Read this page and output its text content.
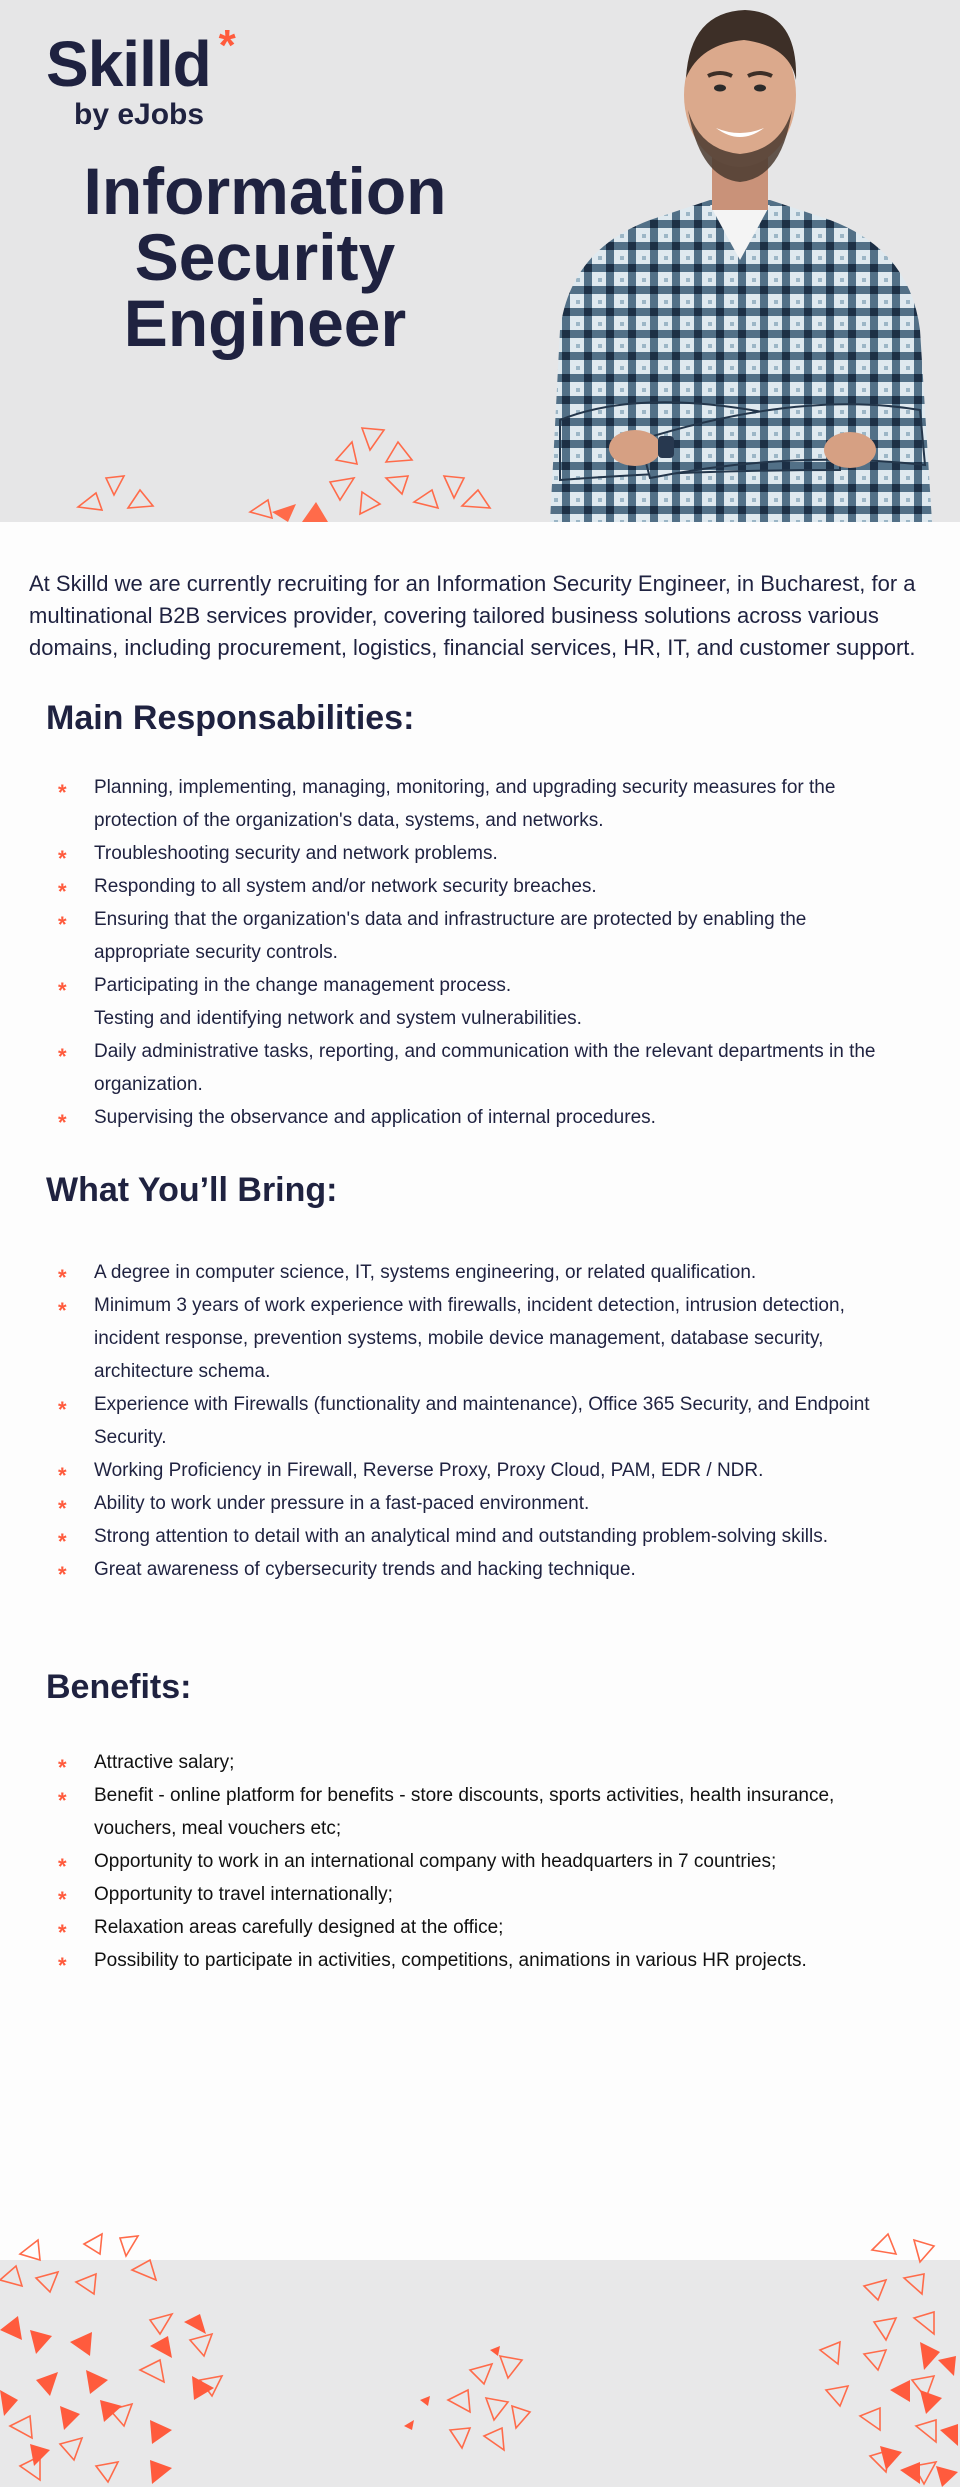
Skilld *
by eJobs
Information
Security
Engineer

At Skilld we are currently recruiting for an Information Security Engineer, in Bucharest, for a multinational B2B services provider, covering tailored business solutions across various domains, including procurement, logistics, financial services, HR, IT, and customer support.

Main Responsabilities:
* Planning, implementing, managing, monitoring, and upgrading security measures for the protection of the organization's data, systems, and networks.
* Troubleshooting security and network problems.
* Responding to all system and/or network security breaches.
* Ensuring that the organization's data and infrastructure are protected by enabling the appropriate security controls.
* Participating in the change management process.
Testing and identifying network and system vulnerabilities.
* Daily administrative tasks, reporting, and communication with the relevant departments in the organization.
* Supervising the observance and application of internal procedures.
What You’ll Bring:
* A degree in computer science, IT, systems engineering, or related qualification.
* Minimum 3 years of work experience with firewalls, incident detection, intrusion detection, incident response, prevention systems, mobile device management, database security, architecture schema.
* Experience with Firewalls (functionality and maintenance), Office 365 Security, and Endpoint Security.
* Working Proficiency in Firewall, Reverse Proxy, Proxy Cloud, PAM, EDR / NDR.
* Ability to work under pressure in a fast-paced environment.
* Strong attention to detail with an analytical mind and outstanding problem-solving skills.
* Great awareness of cybersecurity trends and hacking technique.
Benefits:
* Attractive salary;
* Benefit - online platform for benefits - store discounts, sports activities, health insurance, vouchers, meal vouchers etc;
* Opportunity to work in an international company with headquarters in 7 countries;
* Opportunity to travel internationally;
* Relaxation areas carefully designed at the office;
* Possibility to participate in activities, competitions, animations in various HR projects.
